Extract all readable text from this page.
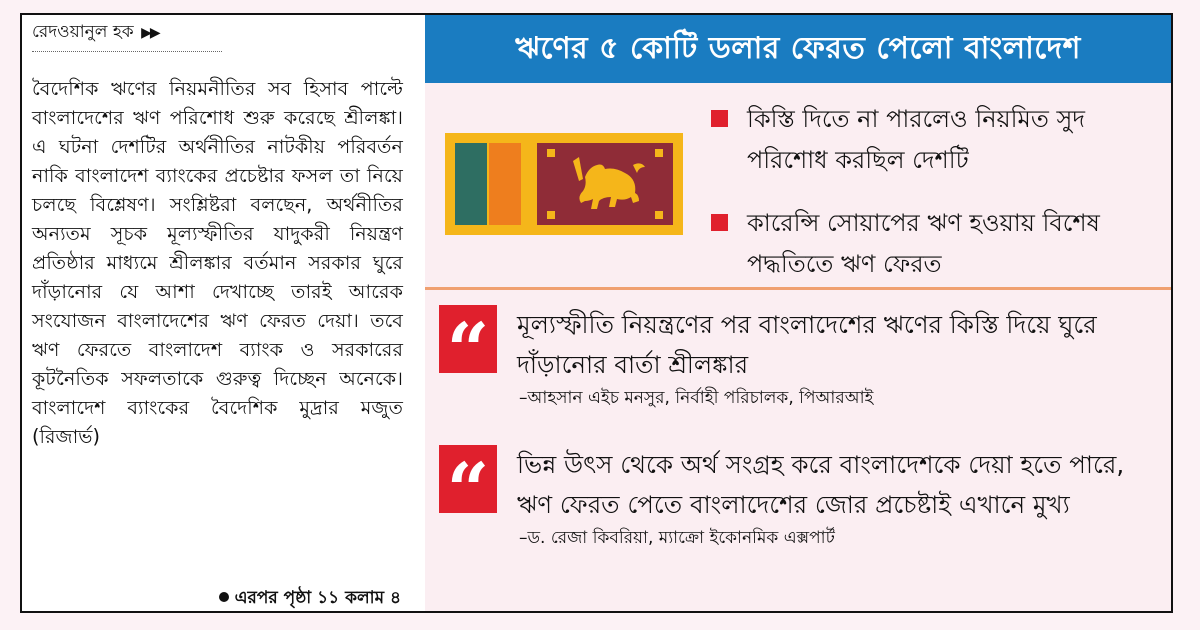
রেদওয়ানুল হক ▶▶
বৈদেশিক ঋণের নিয়মনীতির সব হিসাব পাল্টে বাংলাদেশের ঋণ পরিশোধ শুরু করেছে শ্রীলঙ্কা। এ ঘটনা দেশটির অর্থনীতির নাটকীয় পরিবর্তন নাকি বাংলাদেশ ব্যাংকের প্রচেষ্টার ফসল তা নিয়ে চলছে বিশ্লেষণ। সংশ্লিষ্টরা বলছেন, অর্থনীতির অন্যতম সূচক মূল্যস্ফীতির যাদুকরী নিয়ন্ত্রণ প্রতিষ্ঠার মাধ্যমে শ্রীলঙ্কার বর্তমান সরকার ঘুরে দাঁড়ানোর যে আশা দেখাচ্ছে তারই আরেক সংযোজন বাংলাদেশের ঋণ ফেরত দেয়া। তবে ঋণ ফেরতে বাংলাদেশ ব্যাংক ও সরকারের কূটনৈতিক সফলতাকে গুরুত্ব দিচ্ছেন অনেকে। বাংলাদেশ ব্যাংকের বৈদেশিক মুদ্রার মজুত (রিজার্ভ)
এরপর পৃষ্ঠা ১১ কলাম ৪
ঋণের ৫ কোটি ডলার ফেরত পেলো বাংলাদেশ
কিস্তি দিতে না পারলেও নিয়মিত সুদ পরিশোধ করছিল দেশটি
কারেন্সি সোয়াপের ঋণ হওয়ায় বিশেষ পদ্ধতিতে ঋণ ফেরত
“	মূল্যস্ফীতি নিয়ন্ত্রণের পর বাংলাদেশের ঋণের কিস্তি দিয়ে ঘুরে দাঁড়ানোর বার্তা শ্রীলঙ্কার
–আহসান এইচ মনসুর, নির্বাহী পরিচালক, পিআরআই
“	ভিন্ন উৎস থেকে অর্থ সংগ্রহ করে বাংলাদেশকে দেয়া হতে পারে, ঋণ ফেরত পেতে বাংলাদেশের জোর প্রচেষ্টাই এখানে মুখ্য
–ড. রেজা কিবরিয়া, ম্যাক্রো ইকোনমিক এক্সপার্ট
